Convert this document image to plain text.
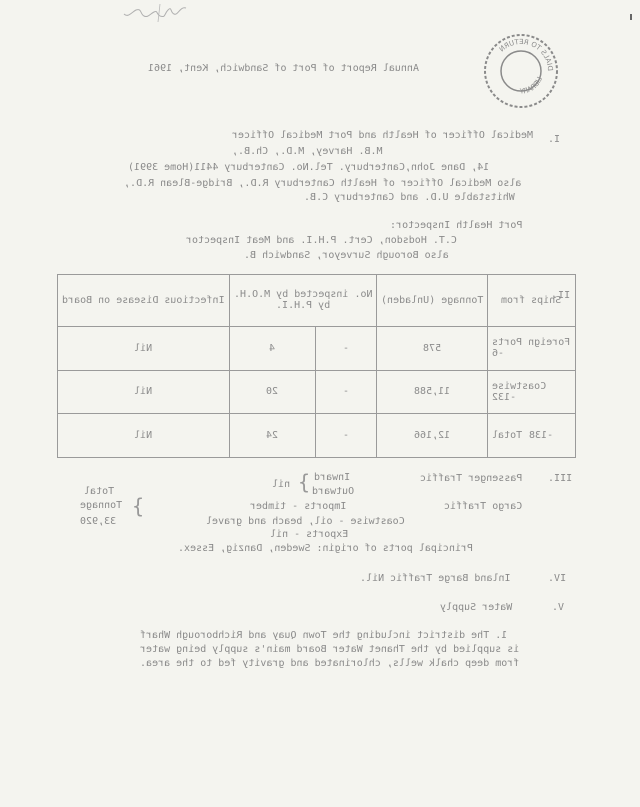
DIALS TO RETURN
LIBRARY
Annual Report of Port of Sandwich, Kent, 1961
I.
Medical Officer of Health and Port Medical Officer
M.B. Harvey, M.D., Ch.B.,
14, Dane John,Canterbury. Tel.No. Canterbury 4411(Home 3991)
also Medical Officer of Health Canterbury R.D., Bridge-Blean R.D.,
Whitstable U.D. and Canterbury C.B.
Port Health Inspector:
C.T. Hodsdon, Cert. P.H.I. and Meat Inspector
also Borough Surveyor, Sandwich B.
II.
Infectious Disease on Board	No. inspected by M.O.H. by P.H.I.		Tonnage (Unladen)	Ships from
Nil	4	-	578	Foreign Ports -6
Nil	20	-	11,588	Coastwise -132
Nil	24	-	12,166	Total -138
III.
Passenger Traffic
Inward
Outward
{
nil
Total
Cargo Traffic
Imports - timber
{
Tonnage
Coastwise - oil, beach and gravel
33,920
Exports - nil
Principal ports of origin: Sweden, Danzig, Essex.
IV.
Inland Barge Traffic Nil.
V.
Water Supply
1. The district including the Town Quay and Richborough Wharf
is supplied by the Thanet Water Board main's supply being water
from deep chalk wells, chlorinated and gravity fed to the area.
